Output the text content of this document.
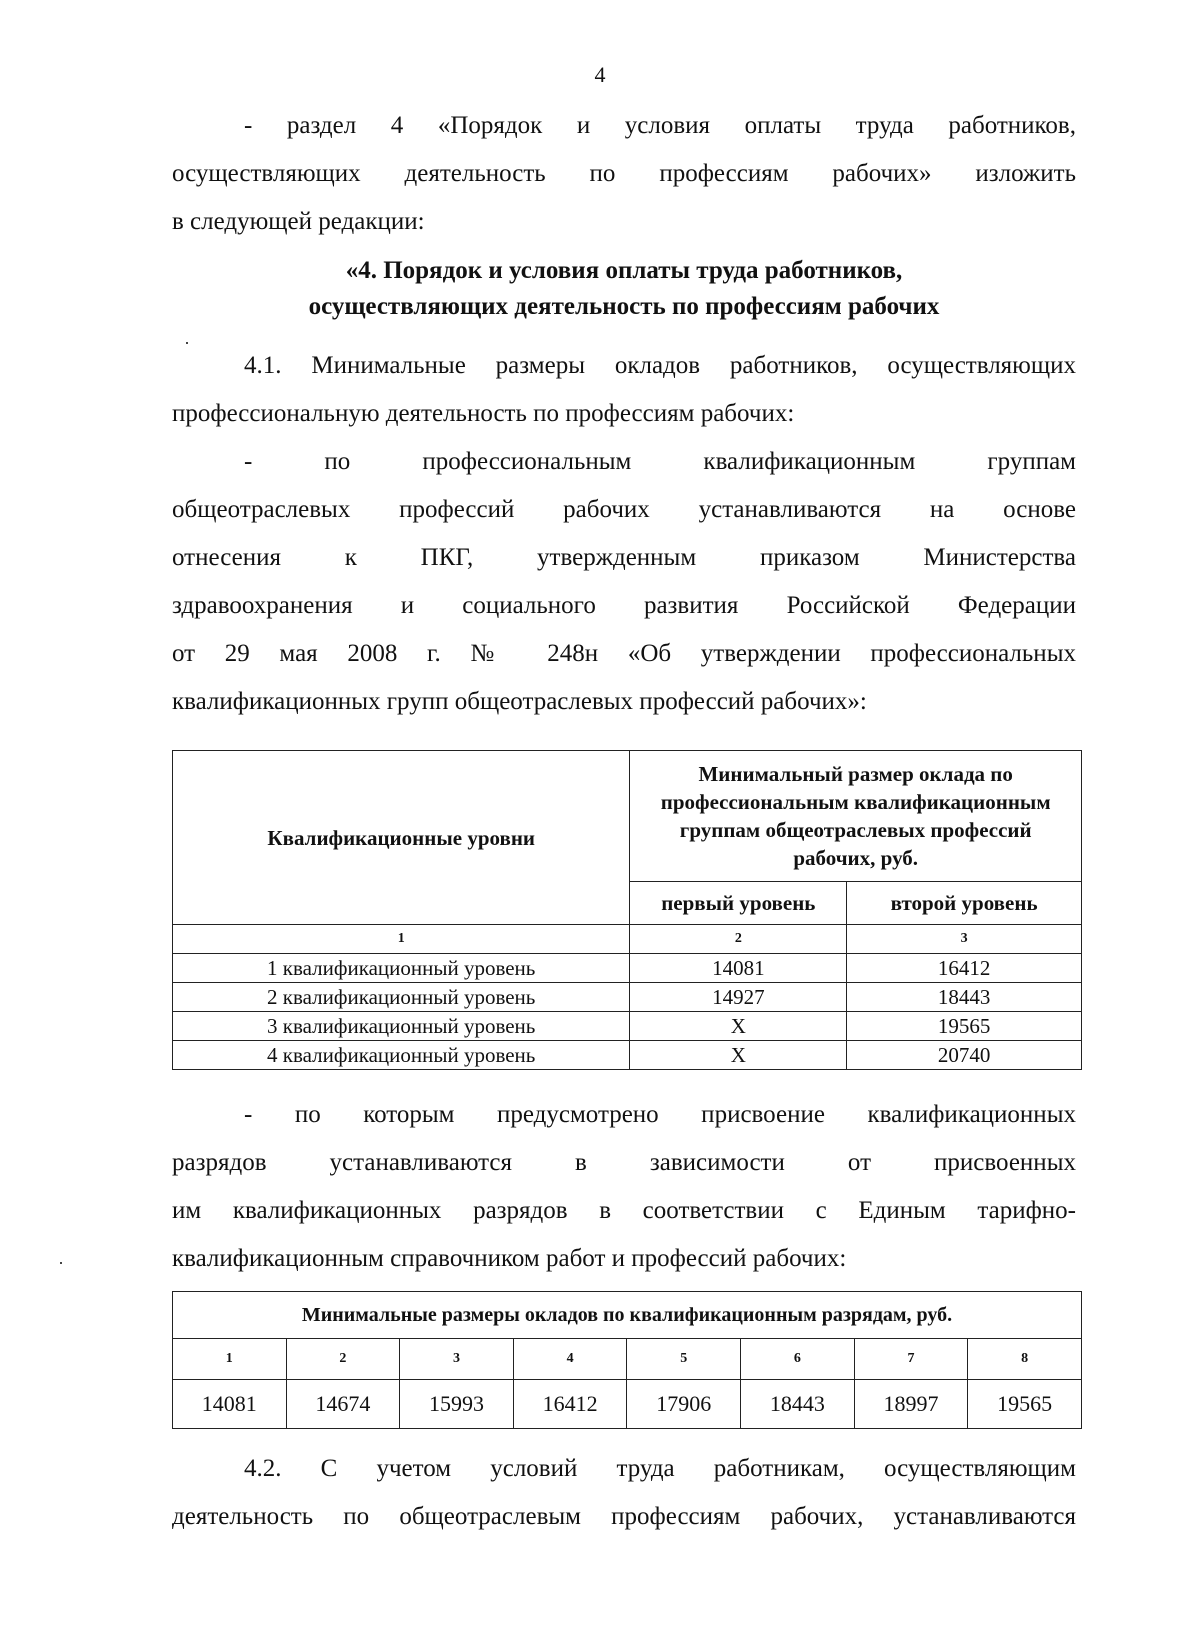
4
- раздел 4 «Порядок и условия оплаты труда работников,
осуществляющих деятельность по профессиям рабочих» изложить
в следующей редакции:
«4. Порядок и условия оплаты труда работников,
осуществляющих деятельность по профессиям рабочих
4.1. Минимальные размеры окладов работников, осуществляющих
профессиональную деятельность по профессиям рабочих:
- по профессиональным квалификационным группам
общеотраслевых профессий рабочих устанавливаются на основе
отнесения к ПКГ, утвержденным приказом Министерства
здравоохранения и социального развития Российской Федерации
от 29 мая 2008 г. № 248н «Об утверждении профессиональных
квалификационных групп общеотраслевых профессий рабочих»:
Квалификационные уровни	Минимальный размер оклада по профессиональным квалификационным группам общеотраслевых профессий рабочих, руб.	
	первый уровень	второй уровень
1	2	3
1 квалификационный уровень	14081	16412
2 квалификационный уровень	14927	18443
3 квалификационный уровень	X	19565
4 квалификационный уровень	X	20740
- по которым предусмотрено присвоение квалификационных
разрядов устанавливаются в зависимости от присвоенных
им квалификационных разрядов в соответствии с Единым тарифно-
квалификационным справочником работ и профессий рабочих:
Минимальные размеры окладов по квалификационным разрядам, руб.							
1	2	3	4	5	6	7	8
14081	14674	15993	16412	17906	18443	18997	19565
4.2. С учетом условий труда работникам, осуществляющим
деятельность по общеотраслевым профессиям рабочих, устанавливаются
